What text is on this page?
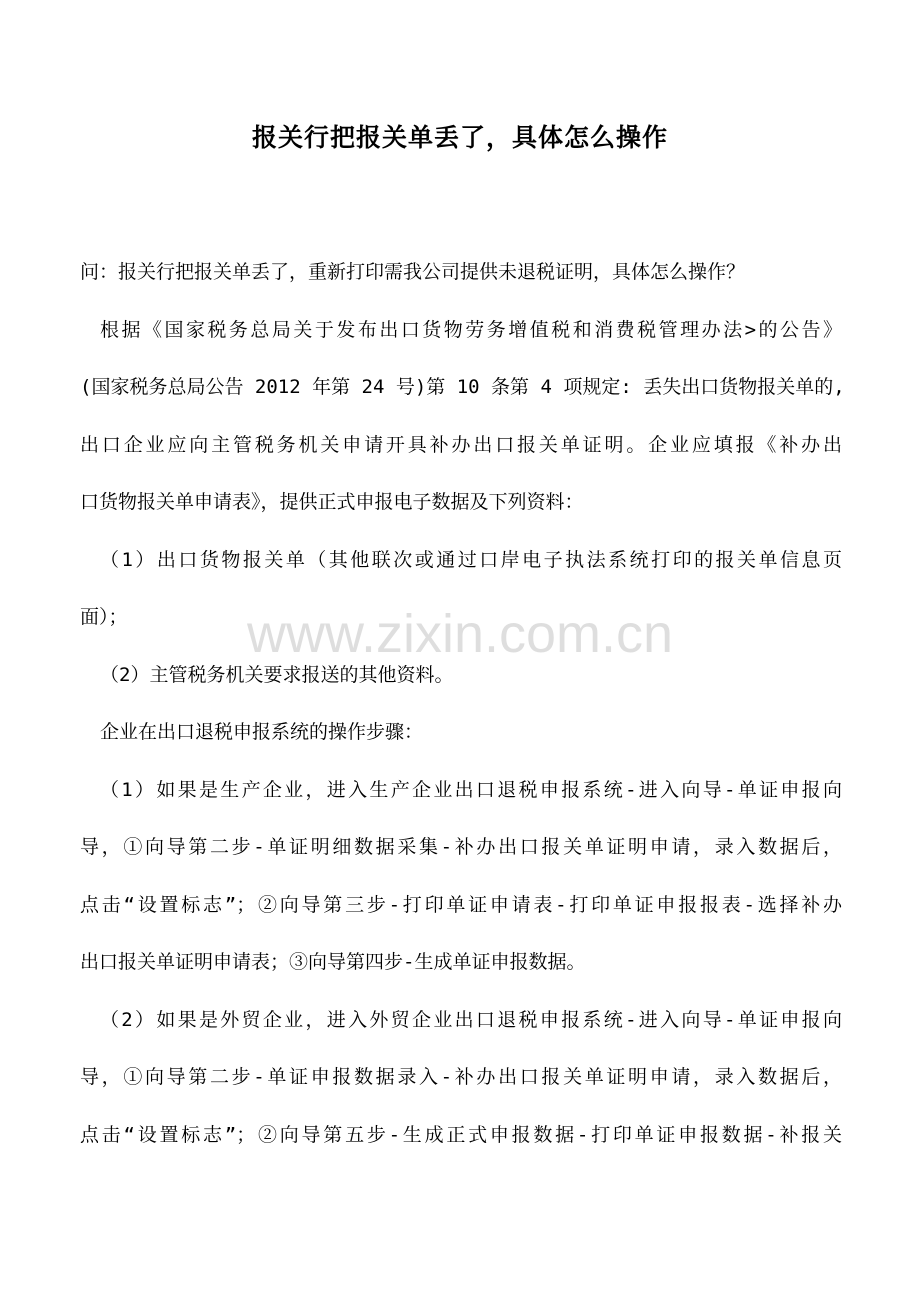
报关行把报关单丢了，具体怎么操作
问：报关行把报关单丢了，重新打印需我公司提供未退税证明，具体怎么操作？
根据《国家税务总局关于发布出口货物劳务增值税和消费税管理办法>的公告》
(国家税务总局公告 2012 年第 24 号)第 10 条第 4 项规定: 丢失出口货物报关单的,
出口企业应向主管税务机关申请开具补办出口报关单证明。企业应填报《补办出
口货物报关单申请表》，提供正式申报电子数据及下列资料：
（1）出口货物报关单（其他联次或通过口岸电子执法系统打印的报关单信息页
面）；
（2）主管税务机关要求报送的其他资料。
企业在出口退税申报系统的操作步骤：
（1）如果是生产企业，进入生产企业出口退税申报系统-进入向导-单证申报向
导，①向导第二步-单证明细数据采集-补办出口报关单证明申请，录入数据后，
点击“设置标志”；②向导第三步-打印单证申请表-打印单证申报报表-选择补办
出口报关单证明申请表；③向导第四步-生成单证申报数据。
（2）如果是外贸企业，进入外贸企业出口退税申报系统-进入向导-单证申报向
导，①向导第二步-单证申报数据录入-补办出口报关单证明申请，录入数据后，
点击“设置标志”；②向导第五步-生成正式申报数据-打印单证申报数据-补报关
www.zixin.com.cn
